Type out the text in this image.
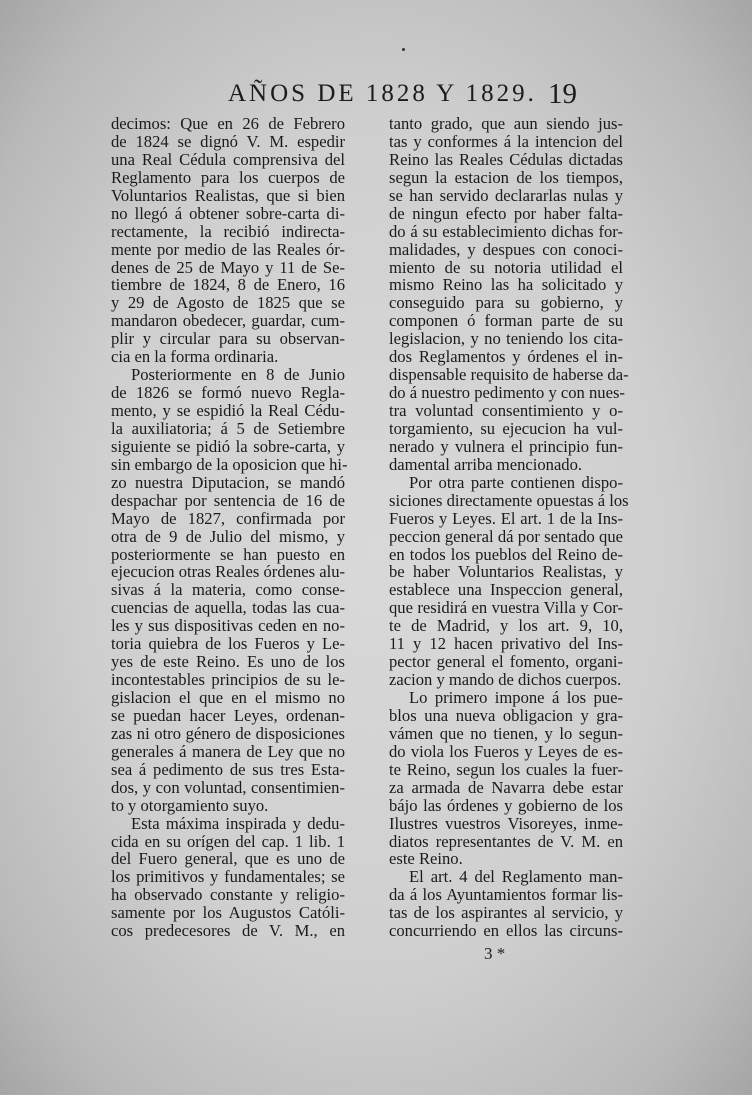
AÑOS DE 1828 Y 1829. 19
decimos: Que en 26 de Febrero
de 1824 se dignó V. M. espedir
una Real Cédula comprensiva del
Reglamento para los cuerpos de
Voluntarios Realistas, que si bien
no llegó á obtener sobre-carta di-
rectamente, la recibió indirecta-
mente por medio de las Reales ór-
denes de 25 de Mayo y 11 de Se-
tiembre de 1824, 8 de Enero, 16
y 29 de Agosto de 1825 que se
mandaron obedecer, guardar, cum-
plir y circular para su observan-
cia en la forma ordinaria.
Posteriormente en 8 de Junio
de 1826 se formó nuevo Regla-
mento, y se espidió la Real Cédu-
la auxiliatoria; á 5 de Setiembre
siguiente se pidió la sobre-carta, y
sin embargo de la oposicion que hi-
zo nuestra Diputacion, se mandó
despachar por sentencia de 16 de
Mayo de 1827, confirmada por
otra de 9 de Julio del mismo, y
posteriormente se han puesto en
ejecucion otras Reales órdenes alu-
sivas á la materia, como conse-
cuencias de aquella, todas las cua-
les y sus dispositivas ceden en no-
toria quiebra de los Fueros y Le-
yes de este Reino. Es uno de los
incontestables principios de su le-
gislacion el que en el mismo no
se puedan hacer Leyes, ordenan-
zas ni otro género de disposiciones
generales á manera de Ley que no
sea á pedimento de sus tres Esta-
dos, y con voluntad, consentimien-
to y otorgamiento suyo.
Esta máxima inspirada y dedu-
cida en su orígen del cap. 1 lib. 1
del Fuero general, que es uno de
los primitivos y fundamentales; se
ha observado constante y religio-
samente por los Augustos Católi-
cos predecesores de V. M., en
tanto grado, que aun siendo jus-
tas y conformes á la intencion del
Reino las Reales Cédulas dictadas
segun la estacion de los tiempos,
se han servido declararlas nulas y
de ningun efecto por haber falta-
do á su establecimiento dichas for-
malidades, y despues con conoci-
miento de su notoria utilidad el
mismo Reino las ha solicitado y
conseguido para su gobierno, y
componen ó forman parte de su
legislacion, y no teniendo los cita-
dos Reglamentos y órdenes el in-
dispensable requisito de haberse da-
do á nuestro pedimento y con nues-
tra voluntad consentimiento y o-
torgamiento, su ejecucion ha vul-
nerado y vulnera el principio fun-
damental arriba mencionado.
Por otra parte contienen dispo-
siciones directamente opuestas á los
Fueros y Leyes. El art. 1 de la Ins-
peccion general dá por sentado que
en todos los pueblos del Reino de-
be haber Voluntarios Realistas, y
establece una Inspeccion general,
que residirá en vuestra Villa y Cor-
te de Madrid, y los art. 9, 10,
11 y 12 hacen privativo del Ins-
pector general el fomento, organi-
zacion y mando de dichos cuerpos.
Lo primero impone á los pue-
blos una nueva obligacion y gra-
vámen que no tienen, y lo segun-
do viola los Fueros y Leyes de es-
te Reino, segun los cuales la fuer-
za armada de Navarra debe estar
bájo las órdenes y gobierno de los
Ilustres vuestros Visoreyes, inme-
diatos representantes de V. M. en
este Reino.
El art. 4 del Reglamento man-
da á los Ayuntamientos formar lis-
tas de los aspirantes al servicio, y
concurriendo en ellos las circuns-
3 *
